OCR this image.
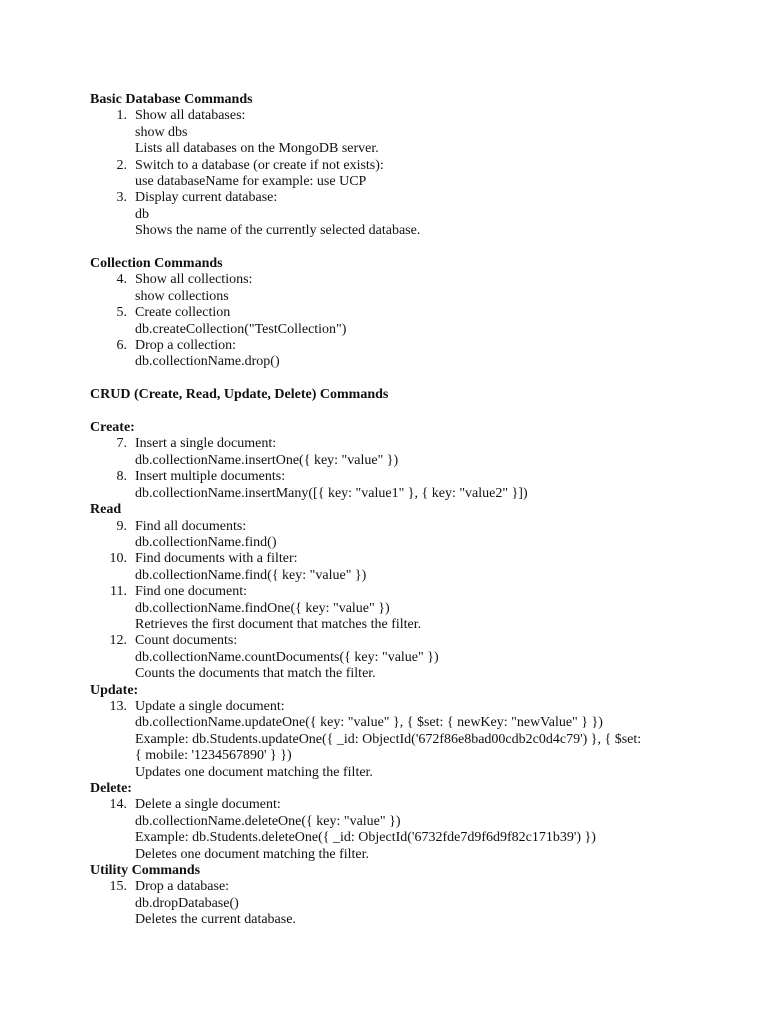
Basic Database Commands

1. Show all databases:
show dbs
Lists all databases on the MongoDB server.
2. Switch to a database (or create if not exists):
use databaseName for example: use UCP
3. Display current database:
db
Shows the name of the currently selected database.

Collection Commands

4. Show all collections:
show collections
5. Create collection
db.createCollection("TestCollection")
6. Drop a collection:
db.collectionName.drop()

CRUD (Create, Read, Update, Delete) Commands

Create:

7. Insert a single document:
db.collectionName.insertOne({ key: "value" })
8. Insert multiple documents:
db.collectionName.insertMany([{ key: "value1" }, { key: "value2" }])

Read

9. Find all documents:
db.collectionName.find()
10. Find documents with a filter:
db.collectionName.find({ key: "value" })
11. Find one document:
db.collectionName.findOne({ key: "value" })
Retrieves the first document that matches the filter.
12. Count documents:
db.collectionName.countDocuments({ key: "value" })
Counts the documents that match the filter.

Update:

13. Update a single document:
db.collectionName.updateOne({ key: "value" }, { $set: { newKey: "newValue" } })
Example: db.Students.updateOne({ _id: ObjectId('672f86e8bad00cdb2c0d4c79') }, { $set:
{ mobile: '1234567890' } })
Updates one document matching the filter.

Delete:

14. Delete a single document:
db.collectionName.deleteOne({ key: "value" })
Example: db.Students.deleteOne({ _id: ObjectId('6732fde7d9f6d9f82c171b39') })
Deletes one document matching the filter.

Utility Commands

15. Drop a database:
db.dropDatabase()
Deletes the current database.
